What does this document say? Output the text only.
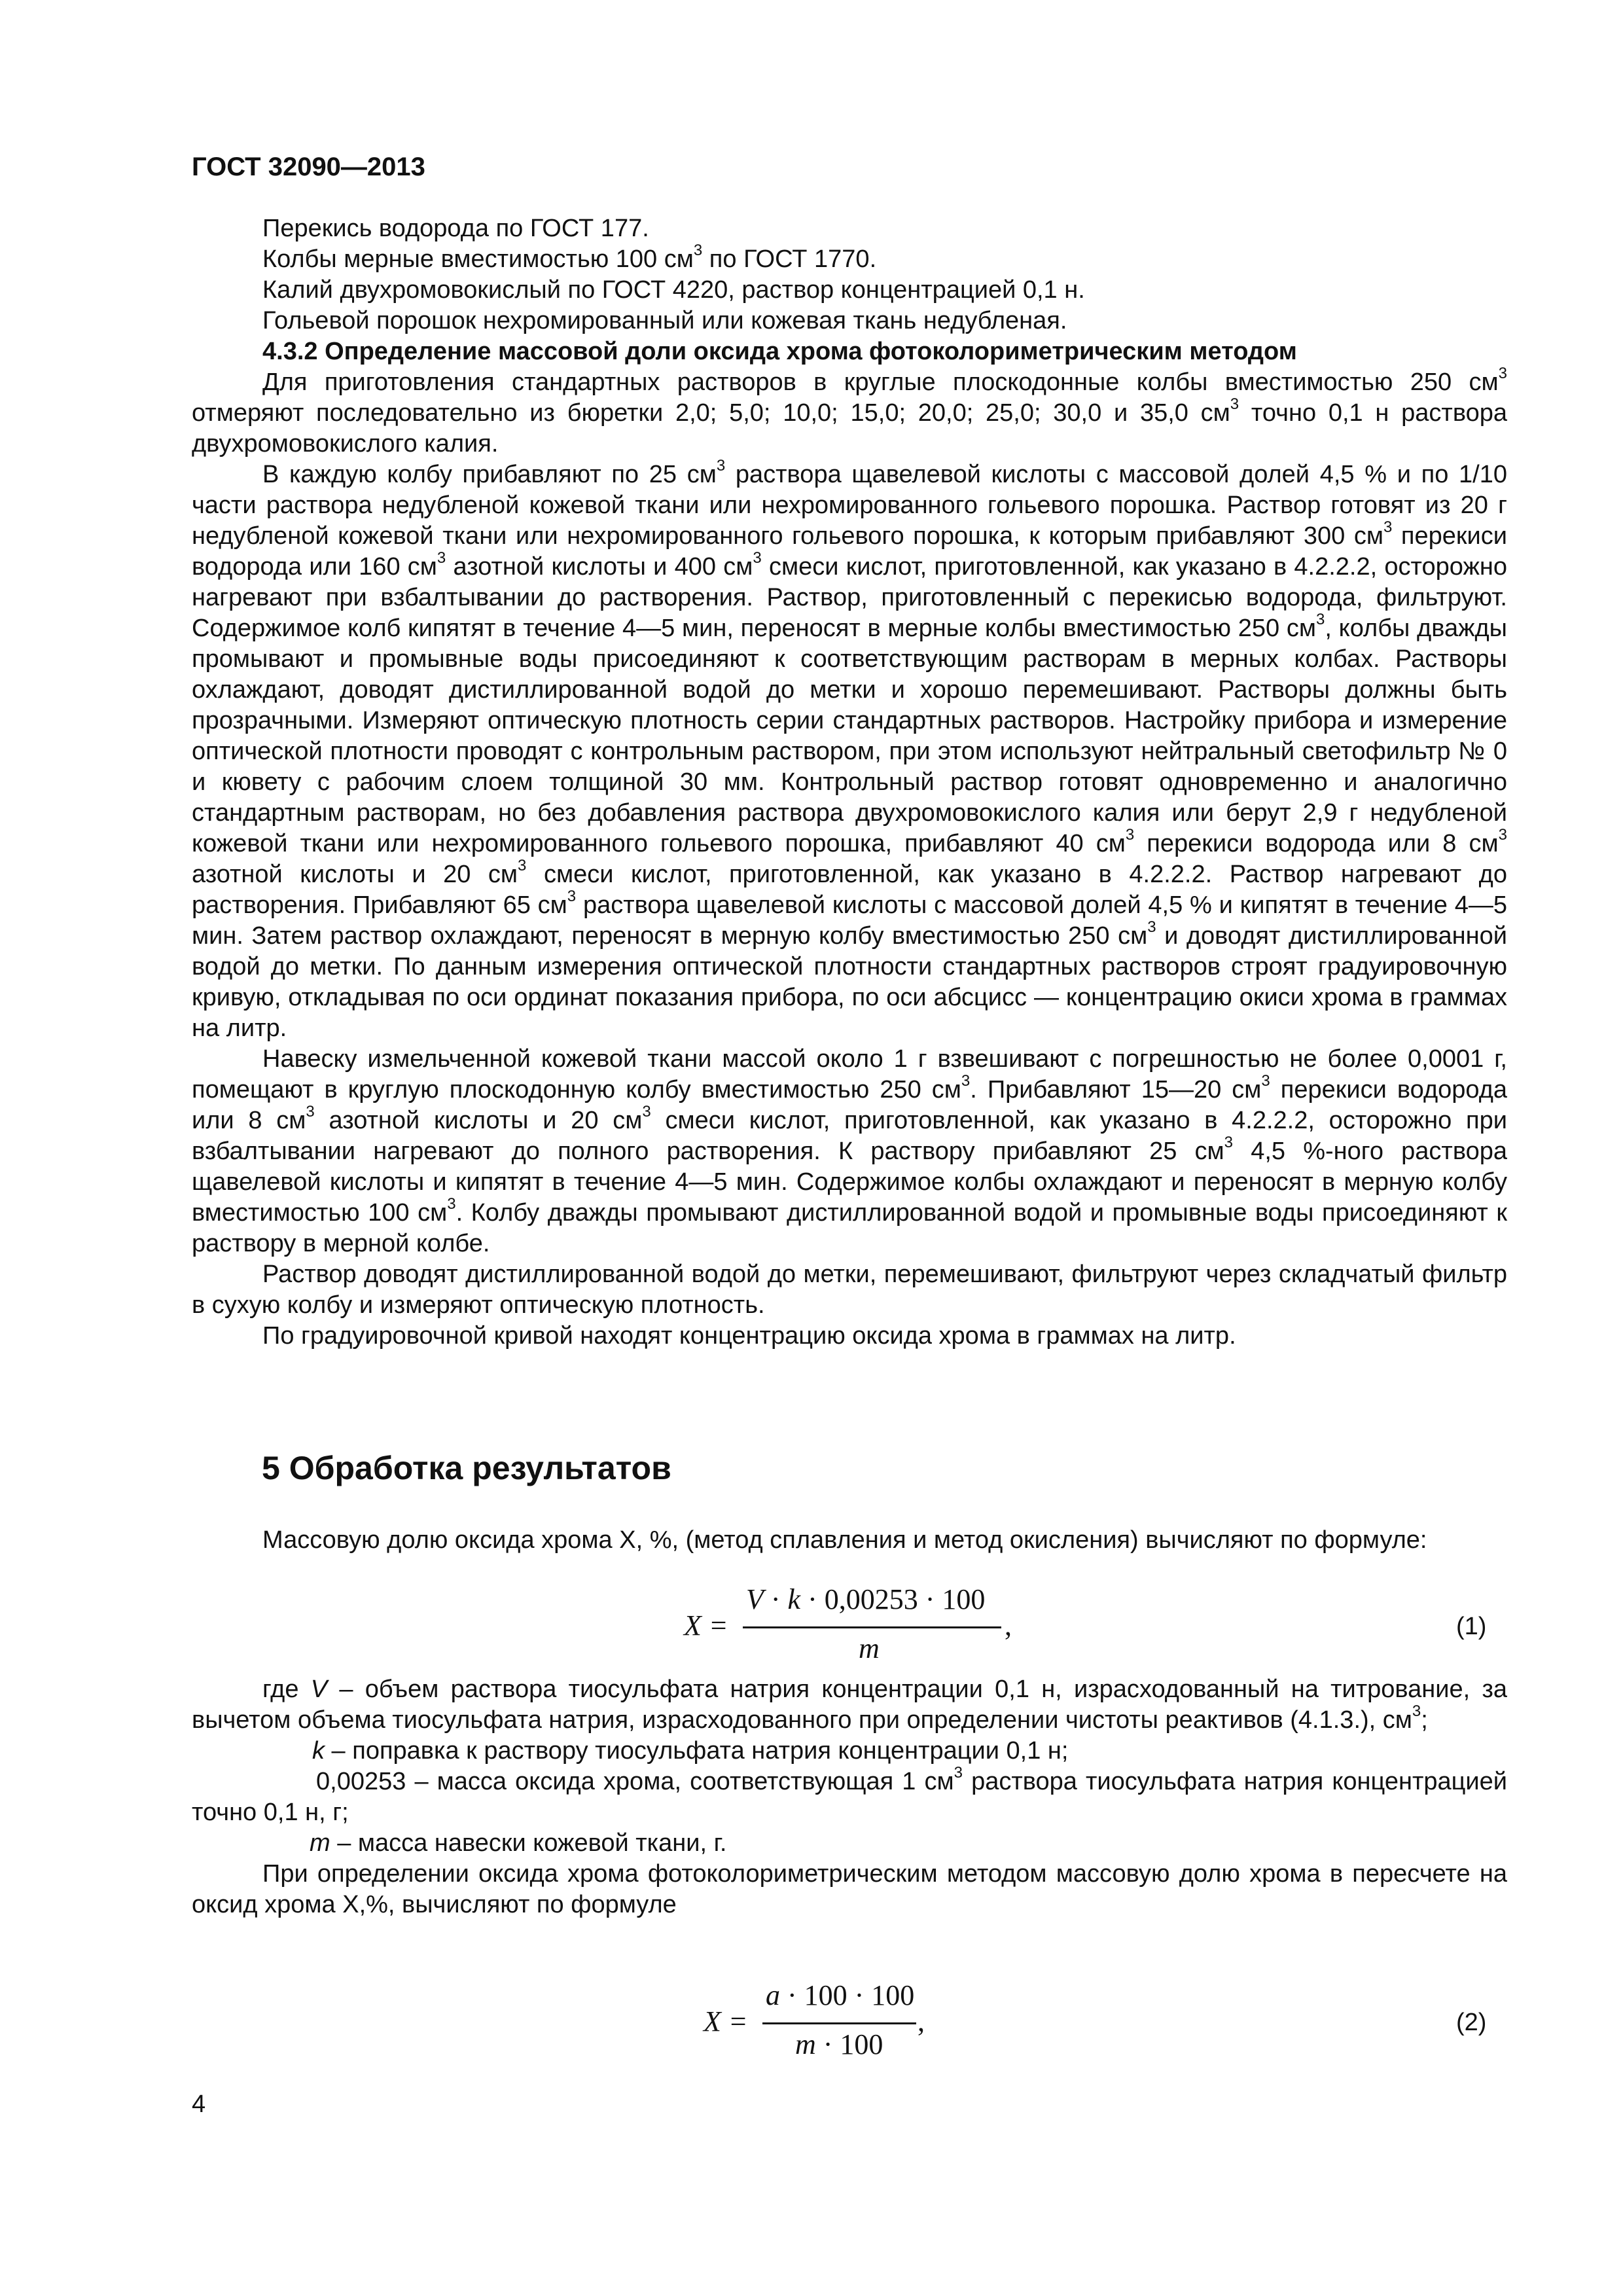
ГОСТ 32090—2013

Перекись водорода по ГОСТ 177.

Колбы мерные вместимостью 100 $см^3$ по ГОСТ 1770.

Калий двухромовокислый по ГОСТ 4220, раствор концентрацией 0,1 н.

Гольевой порошок нехромированный или кожевая ткань недубленая.

4.3.2 Определение массовой доли оксида хрома фотоколориметрическим методом

Для приготовления стандартных растворов в круглые плоскодонные колбы вместимостью 250 $см^3$ отмеряют последовательно из бюретки 2,0; 5,0; 10,0; 15,0; 20,0; 25,0; 30,0 и 35,0 $см^3$ точно 0,1 н раствора двухромовокислого калия.

В каждую колбу прибавляют по 25 $см^3$ раствора щавелевой кислоты с массовой долей 4,5 % и по 1/10 части раствора недубленой кожевой ткани или нехромированного гольевого порошка. Раствор готовят из 20 г недубленой кожевой ткани или нехромированного гольевого порошка, к которым прибавляют 300 $см^3$ перекиси водорода или 160 $см^3$ азотной кислоты и 400 $см^3$ смеси кислот, приготовленной, как указано в 4.2.2.2, осторожно нагревают при взбалтывании до растворения. Раствор, приготовленный с перекисью водорода, фильтруют. Содержимое колб кипятят в течение 4—5 мин, переносят в мерные колбы вместимостью 250 $см^3$, колбы дважды промывают и промывные воды присоединяют к соответствующим растворам в мерных колбах. Растворы охлаждают, доводят дистиллированной водой до метки и хорошо перемешивают. Растворы должны быть прозрачными. Измеряют оптическую плотность серии стандартных растворов. Настройку прибора и измерение оптической плотности проводят с контрольным раствором, при этом используют нейтральный светофильтр № 0 и кювету с рабочим слоем толщиной 30 мм. Контрольный раствор готовят одновременно и аналогично стандартным растворам, но без добавления раствора двухромовокислого калия или берут 2,9 г недубленой кожевой ткани или нехромированного гольевого порошка, прибавляют 40 $см^3$ перекиси водорода или 8 $см^3$ азотной кислоты и 20 $см^3$ смеси кислот, приготовленной, как указано в 4.2.2.2. Раствор нагревают до растворения. Прибавляют 65 $см^3$ раствора щавелевой кислоты с массовой долей 4,5 % и кипятят в течение 4—5 мин. Затем раствор охлаждают, переносят в мерную колбу вместимостью 250 $см^3$ и доводят дистиллированной водой до метки. По данным измерения оптической плотности стандартных растворов строят градуировочную кривую, откладывая по оси ординат показания прибора, по оси абсцисс — концентрацию окиси хрома в граммах на литр.

Навеску измельченной кожевой ткани массой около 1 г взвешивают с погрешностью не более 0,0001 г, помещают в круглую плоскодонную колбу вместимостью 250 $см^3$. Прибавляют 15—20 $см^3$ перекиси водорода или 8 $см^3$ азотной кислоты и 20 $см^3$ смеси кислот, приготовленной, как указано в 4.2.2.2, осторожно при взбалтывании нагревают до полного растворения. К раствору прибавляют 25 $см^3$ 4,5 %-ного раствора щавелевой кислоты и кипятят в течение 4—5 мин. Содержимое колбы охлаждают и переносят в мерную колбу вместимостью 100 $см^3$. Колбу дважды промывают дистиллированной водой и промывные воды присоединяют к раствору в мерной колбе.

Раствор доводят дистиллированной водой до метки, перемешивают, фильтруют через складчатый фильтр в сухую колбу и измеряют оптическую плотность.

По градуировочной кривой находят концентрацию оксида хрома в граммах на литр.

5 Обработка результатов

Массовую долю оксида хрома X, %, (метод сплавления и метод окисления) вычисляют по формуле:

X =
V · k · 0,00253 · 100
m
,	(1)

где V – объем раствора тиосульфата натрия концентрации 0,1 н, израсходованный на титрование, за вычетом объема тиосульфата натрия, израсходованного при определении чистоты реактивов (4.1.3.), $см^3$;

k – поправка к раствору тиосульфата натрия концентрации 0,1 н;

0,00253 – масса оксида хрома, соответствующая 1 $см^3$ раствора тиосульфата натрия концентрацией точно 0,1 н, г;

m – масса навески кожевой ткани, г.

При определении оксида хрома фотоколориметрическим методом массовую долю хрома в пересчете на оксид хрома X,%, вычисляют по формуле

X =
a · 100 · 100
m · 100
,	(2)
4
